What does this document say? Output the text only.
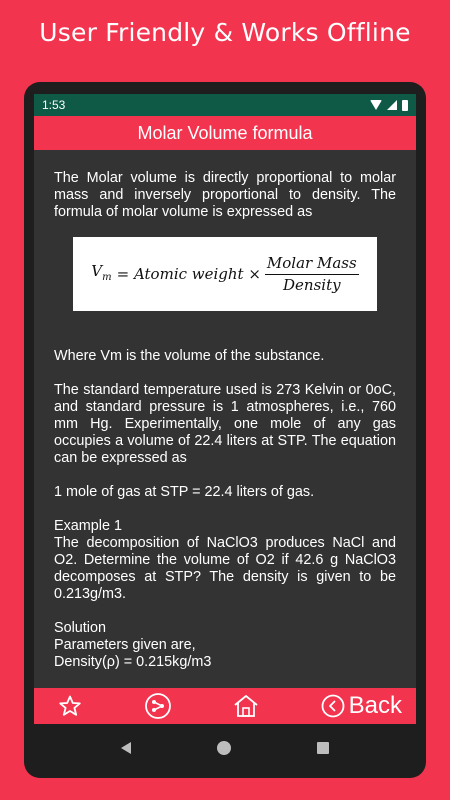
User Friendly & Works Offline
1:53
Molar Volume formula

The Molar volume is directly proportional to molar mass and inversely proportional to density. The formula of molar volume is expressed as

$V_m$ = Atomic weight × $\frac{\text{Molar Mass}}{\text{Density}}$

Where Vm is the volume of the substance.

The standard temperature used is 273 Kelvin or 0oC, and standard pressure is 1 atmospheres, i.e., 760 mm Hg. Experimentally, one mole of any gas occupies a volume of 22.4 liters at STP. The equation can be expressed as

1 mole of gas at STP = 22.4 liters of gas.

Example 1

The decomposition of NaClO3 produces NaCl and O2. Determine the volume of O2 if 42.6 g NaClO3 decomposes at STP? The density is given to be 0.213g/m3.

Solution

Parameters given are,

Density(ρ) = 0.215kg/m3

Back
